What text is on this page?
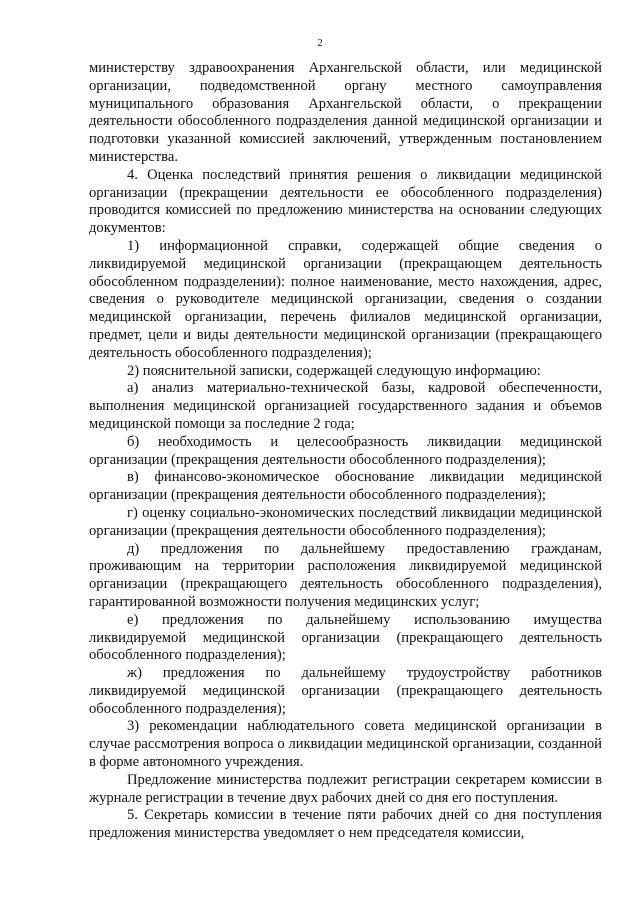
2

министерству здравоохранения Архангельской области, или медицинской организации, подведомственной органу местного самоуправления муниципального образования Архангельской области, о прекращении деятельности обособленного подразделения данной медицинской организации и подготовки указанной комиссией заключений, утвержденным постановлением министерства.

4. Оценка последствий принятия решения о ликвидации медицинской организации (прекращении деятельности ее обособленного подразделения) проводится комиссией по предложению министерства на основании следующих документов:

1) информационной справки, содержащей общие сведения о ликвидируемой медицинской организации (прекращающем деятельность обособленном подразделении): полное наименование, место нахождения, адрес, сведения о руководителе медицинской организации, сведения о создании медицинской организации, перечень филиалов медицинской организации, предмет, цели и виды деятельности медицинской организации (прекращающего деятельность обособленного подразделения);

2) пояснительной записки, содержащей следующую информацию:

а) анализ материально-технической базы, кадровой обеспеченности, выполнения медицинской организацией государственного задания и объемов медицинской помощи за последние 2 года;

б) необходимость и целесообразность ликвидации медицинской организации (прекращения деятельности обособленного подразделения);

в) финансово-экономическое обоснование ликвидации медицинской организации (прекращения деятельности обособленного подразделения);

г) оценку социально-экономических последствий ликвидации медицинской организации (прекращения деятельности обособленного подразделения);

д) предложения по дальнейшему предоставлению гражданам, проживающим на территории расположения ликвидируемой медицинской организации (прекращающего деятельность обособленного подразделения), гарантированной возможности получения медицинских услуг;

е) предложения по дальнейшему использованию имущества ликвидируемой медицинской организации (прекращающего деятельность обособленного подразделения);

ж) предложения по дальнейшему трудоустройству работников ликвидируемой медицинской организации (прекращающего деятельность обособленного подразделения);

3) рекомендации наблюдательного совета медицинской организации в случае рассмотрения вопроса о ликвидации медицинской организации, созданной в форме автономного учреждения.

Предложение министерства подлежит регистрации секретарем комиссии в журнале регистрации в течение двух рабочих дней со дня его поступления.

5. Секретарь комиссии в течение пяти рабочих дней со дня поступления предложения министерства уведомляет о нем председателя комиссии,
